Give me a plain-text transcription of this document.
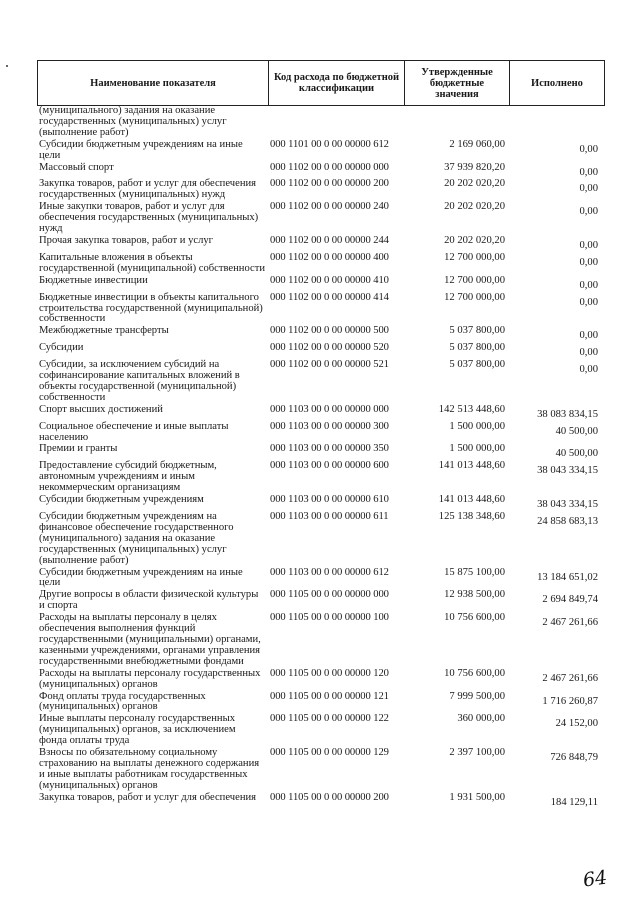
Наименование показателя	Код расхода по бюджетной классификации	Утвержденные бюджетные значения	Исполнено
(муниципального) задания на оказание государственных (муниципальных) услуг (выполнение работ)			

Субсидии бюджетным учреждениям на иные цели	000 1101 00 0 00 00000 612	2 169 060,00	0,00

Массовый спорт	000 1102 00 0 00 00000 000	37 939 820,20	0,00

Закупка товаров, работ и услуг для обеспечения государственных (муниципальных) нужд	000 1102 00 0 00 00000 200	20 202 020,20	0,00

Иные закупки товаров, работ и услуг для обеспечения государственных (муниципальных) нужд	000 1102 00 0 00 00000 240	20 202 020,20	0,00

Прочая закупка товаров, работ и услуг	000 1102 00 0 00 00000 244	20 202 020,20	0,00

Капитальные вложения в объекты государственной (муниципальной) собственности	000 1102 00 0 00 00000 400	12 700 000,00	0,00

Бюджетные инвестиции	000 1102 00 0 00 00000 410	12 700 000,00	0,00

Бюджетные инвестиции в объекты капитального строительства государственной (муниципальной) собственности	000 1102 00 0 00 00000 414	12 700 000,00	0,00

Межбюджетные трансферты	000 1102 00 0 00 00000 500	5 037 800,00	0,00

Субсидии	000 1102 00 0 00 00000 520	5 037 800,00	0,00

Субсидии, за исключением субсидий на софинансирование капитальных вложений в объекты государственной (муниципальной) собственности	000 1102 00 0 00 00000 521	5 037 800,00	0,00

Спорт высших достижений	000 1103 00 0 00 00000 000	142 513 448,60	38 083 834,15

Социальное обеспечение и иные выплаты населению	000 1103 00 0 00 00000 300	1 500 000,00	40 500,00

Премии и гранты	000 1103 00 0 00 00000 350	1 500 000,00	40 500,00

Предоставление субсидий бюджетным, автономным учреждениям и иным некоммерческим организациям	000 1103 00 0 00 00000 600	141 013 448,60	38 043 334,15

Субсидии бюджетным учреждениям	000 1103 00 0 00 00000 610	141 013 448,60	38 043 334,15

Субсидии бюджетным учреждениям на финансовое обеспечение государственного (муниципального) задания на оказание государственных (муниципальных) услуг (выполнение работ)	000 1103 00 0 00 00000 611	125 138 348,60	24 858 683,13

Субсидии бюджетным учреждениям на иные цели	000 1103 00 0 00 00000 612	15 875 100,00	13 184 651,02

Другие вопросы в области физической культуры и спорта	000 1105 00 0 00 00000 000	12 938 500,00	2 694 849,74

Расходы на выплаты персоналу в целях обеспечения выполнения функций государственными (муниципальными) органами, казенными учреждениями, органами управления государственными внебюджетными фондами	000 1105 00 0 00 00000 100	10 756 600,00	2 467 261,66

Расходы на выплаты персоналу государственных (муниципальных) органов	000 1105 00 0 00 00000 120	10 756 600,00	2 467 261,66

Фонд оплаты труда государственных (муниципальных) органов	000 1105 00 0 00 00000 121	7 999 500,00	1 716 260,87

Иные выплаты персоналу государственных (муниципальных) органов, за исключением фонда оплаты труда	000 1105 00 0 00 00000 122	360 000,00	24 152,00

Взносы по обязательному социальному страхованию на выплаты денежного содержания и иные выплаты работникам государственных (муниципальных) органов	000 1105 00 0 00 00000 129	2 397 100,00	726 848,79

Закупка товаров, работ и услуг для обеспечения	000 1105 00 0 00 00000 200	1 931 500,00	184 129,11
64
